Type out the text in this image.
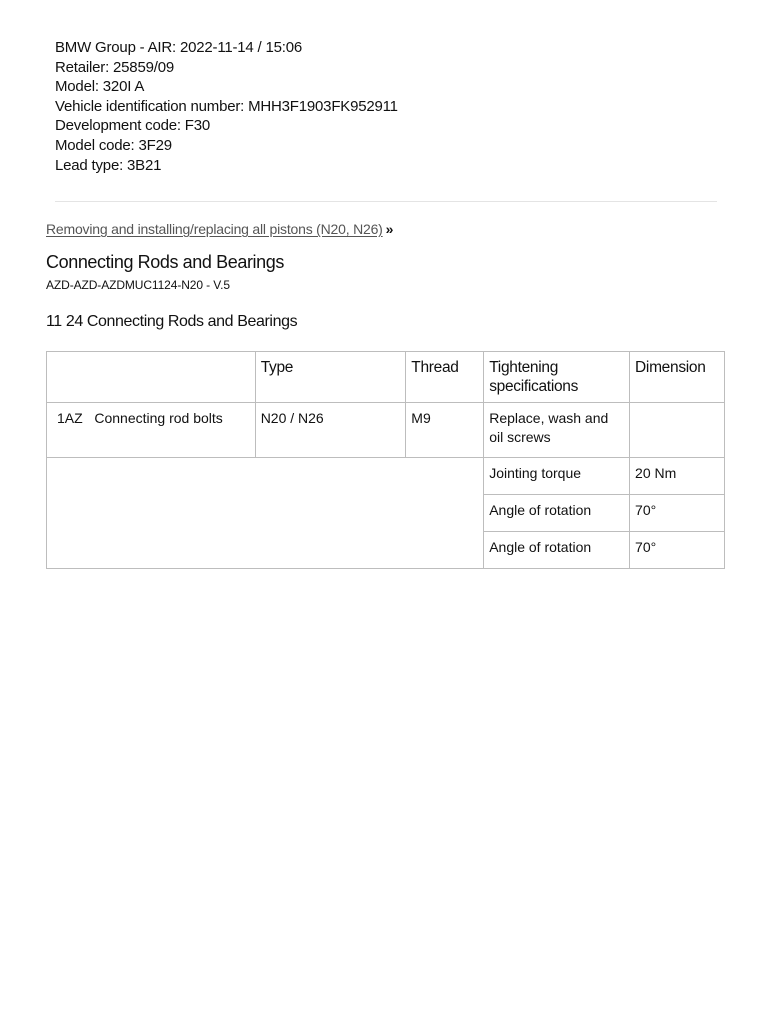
BMW Group - AIR: 2022-11-14 / 15:06
Retailer: 25859/09
Model: 320I A
Vehicle identification number: MHH3F1903FK952911
Development code: F30
Model code: 3F29
Lead type: 3B21
Removing and installing/replacing all pistons (N20, N26) »
Connecting Rods and Bearings
AZD-AZD-AZDMUC1124-N20 - V.5
11 24 Connecting Rods and Bearings
	Type	Thread	Tightening specifications	Dimension
1AZ Connecting rod bolts	N20 / N26	M9	Replace, wash and oil screws	
			Jointing torque	20 Nm
			Angle of rotation	70°
			Angle of rotation	70°
